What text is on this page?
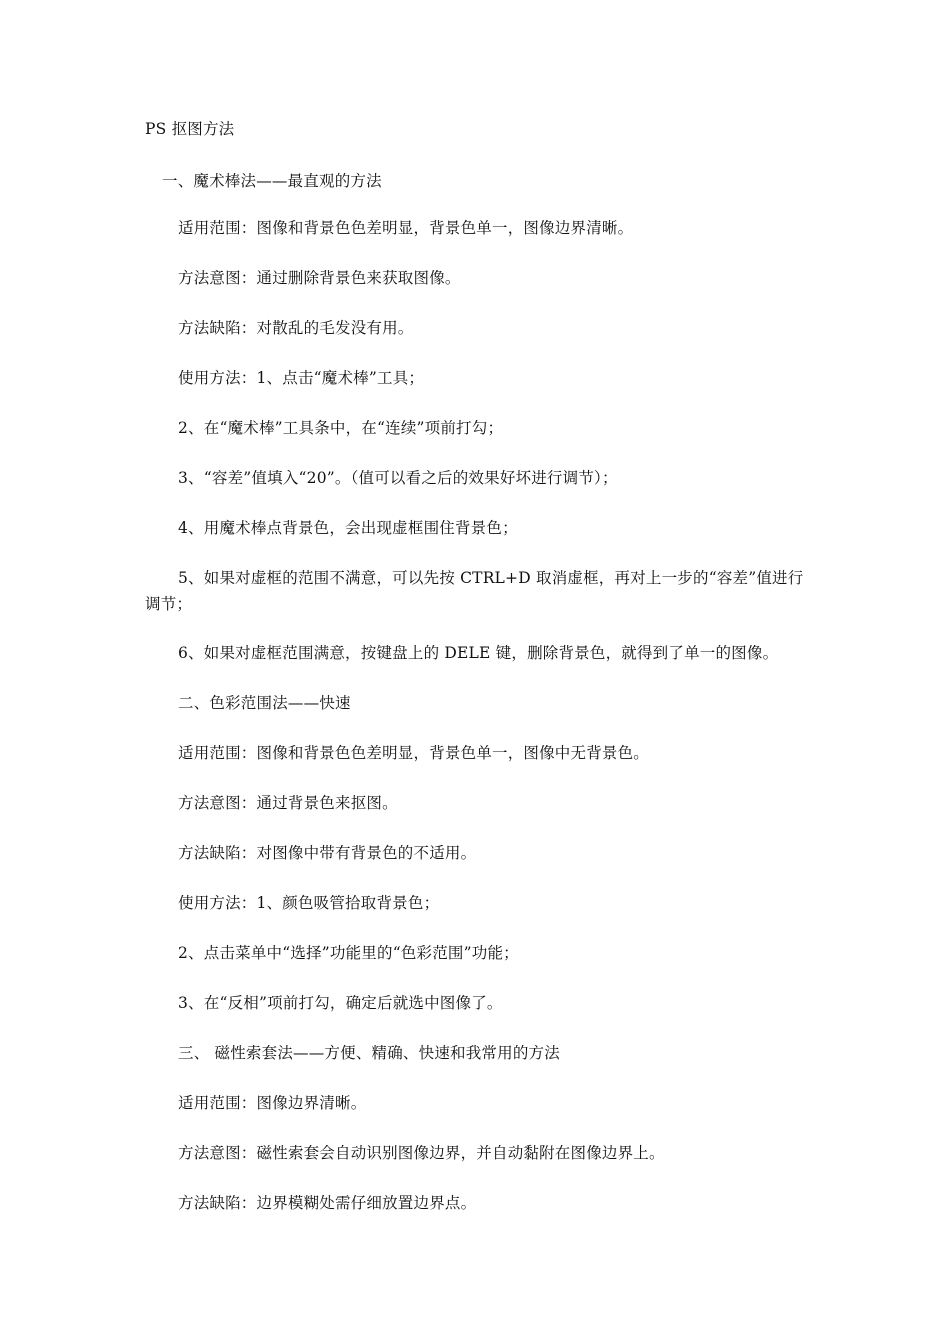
PS 抠图方法
一、魔术棒法——最直观的方法
适用范围：图像和背景色色差明显，背景色单一，图像边界清晰。
方法意图：通过删除背景色来获取图像。
方法缺陷：对散乱的毛发没有用。
使用方法：1、点击“魔术棒”工具；
2、在“魔术棒”工具条中，在“连续”项前打勾；
3、“容差”值填入“20”。（值可以看之后的效果好坏进行调节）；
4、用魔术棒点背景色，会出现虚框围住背景色；
5、如果对虚框的范围不满意，可以先按 CTRL+D 取消虚框，再对上一步的“容差”值进行调节；
6、如果对虚框范围满意，按键盘上的 DELE 键，删除背景色，就得到了单一的图像。
二、色彩范围法——快速
适用范围：图像和背景色色差明显，背景色单一，图像中无背景色。
方法意图：通过背景色来抠图。
方法缺陷：对图像中带有背景色的不适用。
使用方法：1、颜色吸管拾取背景色；
2、点击菜单中“选择”功能里的“色彩范围”功能；
3、在“反相”项前打勾，确定后就选中图像了。
三、 磁性索套法——方便、精确、快速和我常用的方法
适用范围：图像边界清晰。
方法意图：磁性索套会自动识别图像边界，并自动黏附在图像边界上。
方法缺陷：边界模糊处需仔细放置边界点。
